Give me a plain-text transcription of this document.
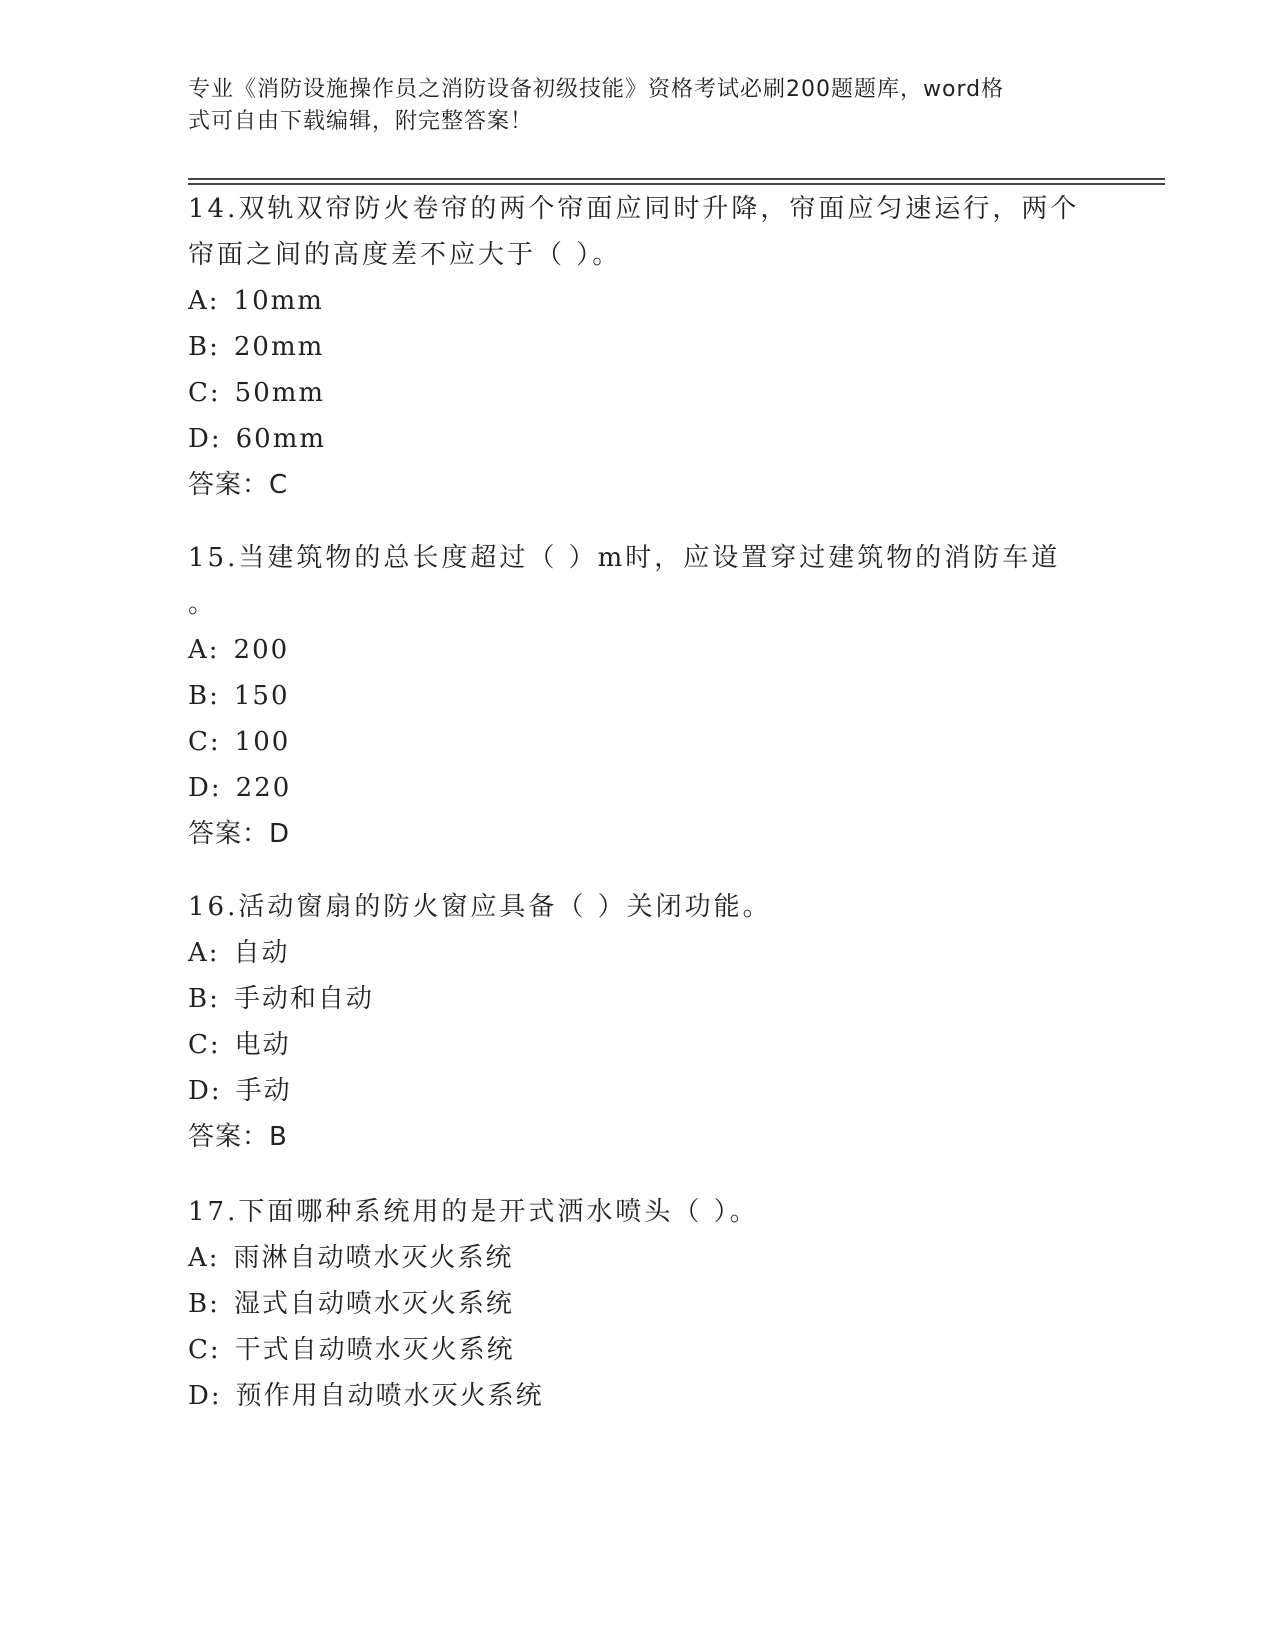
专业《消防设施操作员之消防设备初级技能》资格考试必刷200题题库，word格
式可自由下载编辑，附完整答案！

14.双轨双帘防火卷帘的两个帘面应同时升降，帘面应匀速运行，两个

帘面之间的高度差不应大于（ ）。

A: 10mm

B: 20mm

C: 50mm

D: 60mm

答案：C

15.当建筑物的总长度超过（ ）m时，应设置穿过建筑物的消防车道

。

A: 200

B: 150

C: 100

D: 220

答案：D

16.活动窗扇的防火窗应具备（ ）关闭功能。

A: 自动

B: 手动和自动

C: 电动

D: 手动

答案：B

17.下面哪种系统用的是开式洒水喷头（ ）。

A: 雨淋自动喷水灭火系统

B: 湿式自动喷水灭火系统

C: 干式自动喷水灭火系统

D: 预作用自动喷水灭火系统
